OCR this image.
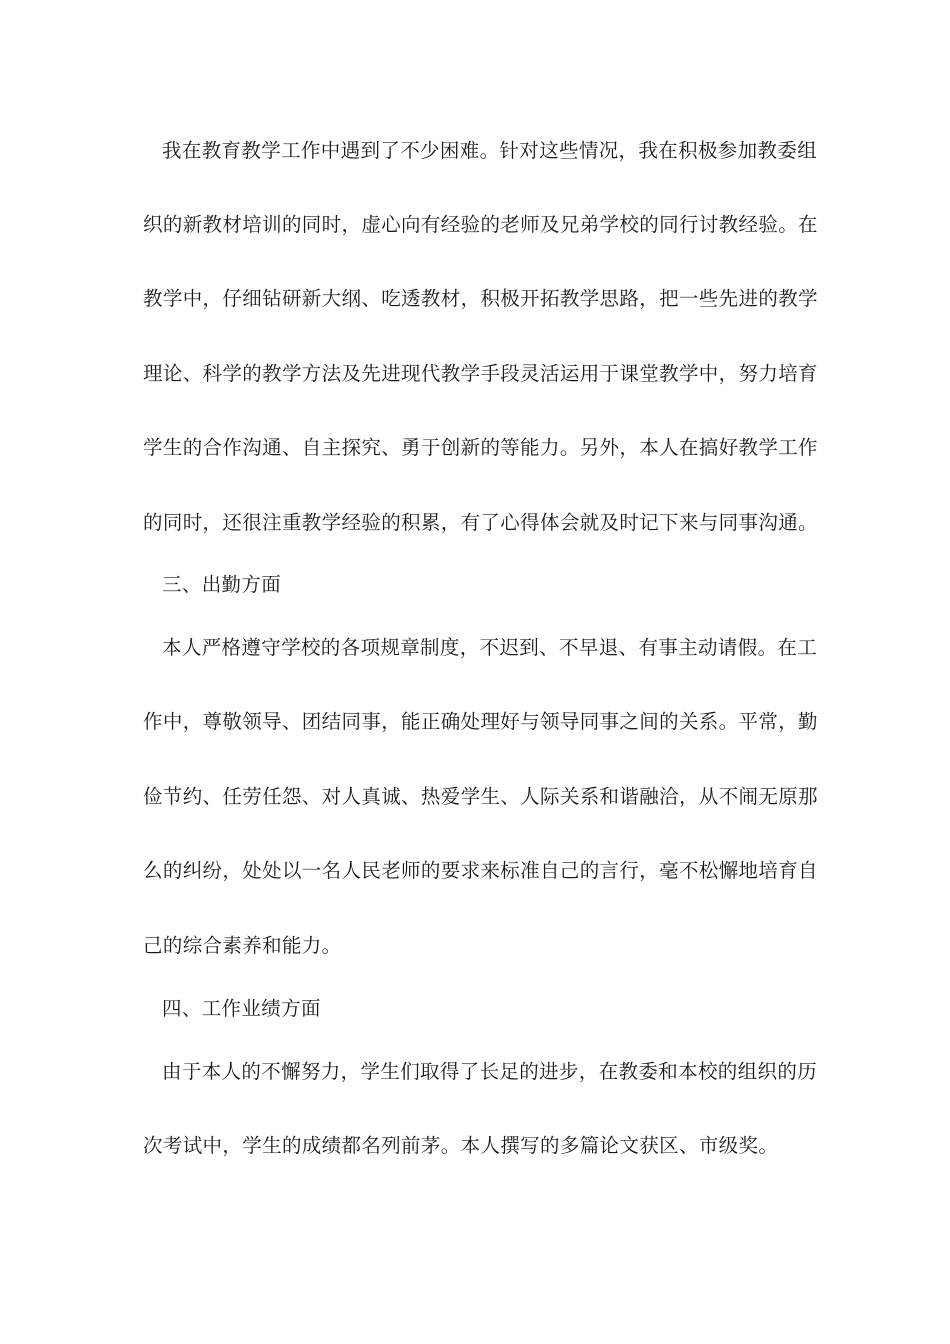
我在教育教学工作中遇到了不少困难。针对这些情况，我在积极参加教委组
织的新教材培训的同时，虚心向有经验的老师及兄弟学校的同行讨教经验。在
教学中，仔细钻研新大纲、吃透教材，积极开拓教学思路，把一些先进的教学
理论、科学的教学方法及先进现代教学手段灵活运用于课堂教学中，努力培育
学生的合作沟通、自主探究、勇于创新的等能力。另外，本人在搞好教学工作
的同时，还很注重教学经验的积累，有了心得体会就及时记下来与同事沟通。
三、出勤方面
本人严格遵守学校的各项规章制度，不迟到、不早退、有事主动请假。在工
作中，尊敬领导、团结同事，能正确处理好与领导同事之间的关系。平常，勤
俭节约、任劳任怨、对人真诚、热爱学生、人际关系和谐融洽，从不闹无原那
么的纠纷，处处以一名人民老师的要求来标准自己的言行，毫不松懈地培育自
己的综合素养和能力。
四、工作业绩方面
由于本人的不懈努力，学生们取得了长足的进步，在教委和本校的组织的历
次考试中，学生的成绩都名列前茅。本人撰写的多篇论文获区、市级奖。
